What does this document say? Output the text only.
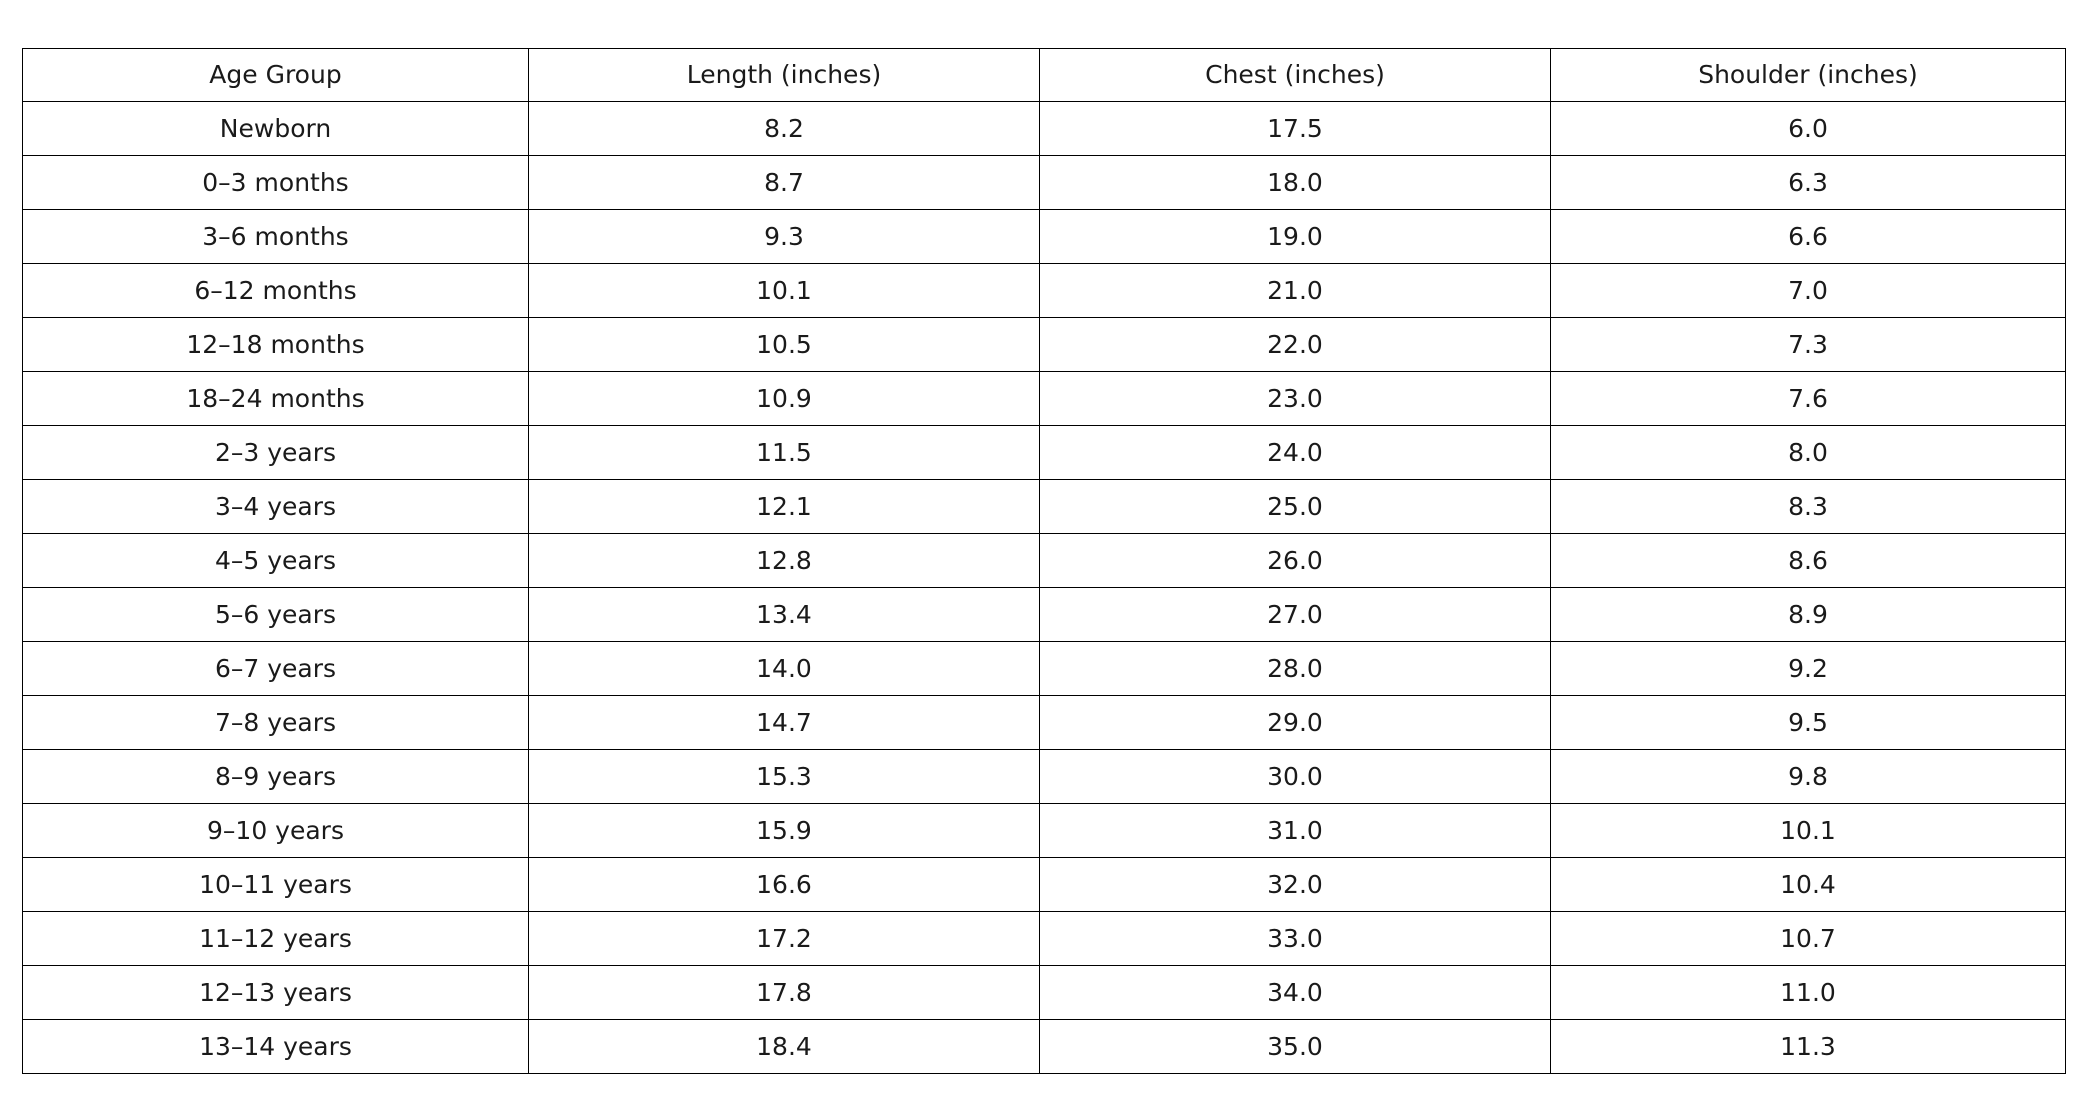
Age Group	Length (inches)	Chest (inches)	Shoulder (inches)
Newborn	8.2	17.5	6.0
0–3 months	8.7	18.0	6.3
3–6 months	9.3	19.0	6.6
6–12 months	10.1	21.0	7.0
12–18 months	10.5	22.0	7.3
18–24 months	10.9	23.0	7.6
2–3 years	11.5	24.0	8.0
3–4 years	12.1	25.0	8.3
4–5 years	12.8	26.0	8.6
5–6 years	13.4	27.0	8.9
6–7 years	14.0	28.0	9.2
7–8 years	14.7	29.0	9.5
8–9 years	15.3	30.0	9.8
9–10 years	15.9	31.0	10.1
10–11 years	16.6	32.0	10.4
11–12 years	17.2	33.0	10.7
12–13 years	17.8	34.0	11.0
13–14 years	18.4	35.0	11.3
